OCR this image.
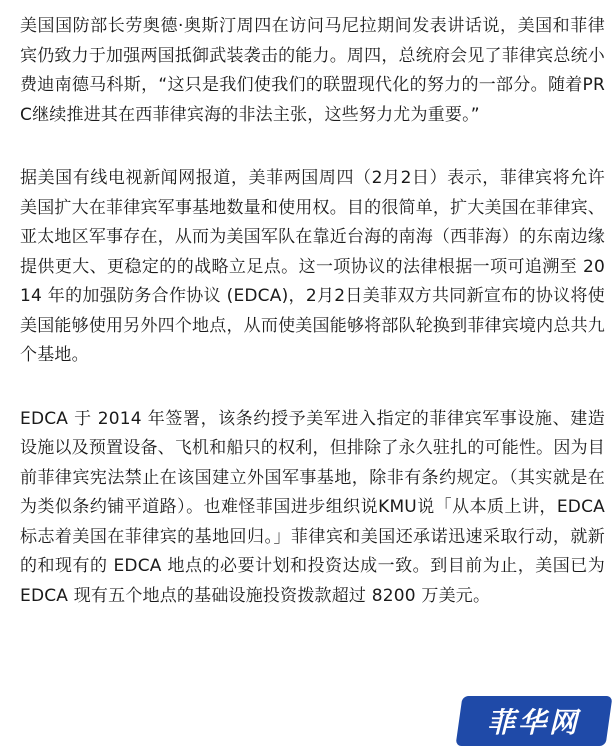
美国国防部长劳奥德·奥斯汀周四在访问马尼拉期间发表讲话说，美国和菲律宾仍致力于加强两国抵御武装袭击的能力。周四，总统府会见了菲律宾总统小费迪南德马科斯，“这只是我们使我们的联盟现代化的努力的一部分。随着PRC继续推进其在西菲律宾海的非法主张，这些努力尤为重要。”

据美国有线电视新闻网报道，美菲两国周四（2月2日）表示，菲律宾将允许美国扩大在菲律宾军事基地数量和使用权。目的很简单，扩大美国在菲律宾、亚太地区军事存在，从而为美国军队在靠近台海的南海（西菲海）的东南边缘提供更大、更稳定的的战略立足点。这一项协议的法律根据一项可追溯至 2014 年的加强防务合作协议 (EDCA)，2月2日美菲双方共同新宣布的协议将使美国能够使用另外四个地点，从而使美国能够将部队轮换到菲律宾境内总共九个基地。

EDCA 于 2014 年签署，该条约授予美军进入指定的菲律宾军事设施、建造设施以及预置设备、飞机和船只的权利，但排除了永久驻扎的可能性。因为目前菲律宾宪法禁止在该国建立外国军事基地，除非有条约规定。（其实就是在为类似条约铺平道路）。也难怪菲国进步组织说KMU说「从本质上讲，EDCA 标志着美国在菲律宾的基地回归。」菲律宾和美国还承诺迅速采取行动，就新的和现有的 EDCA 地点的必要计划和投资达成一致。到目前为止，美国已为 EDCA 现有五个地点的基础设施投资拨款超过 8200 万美元。

菲华网
